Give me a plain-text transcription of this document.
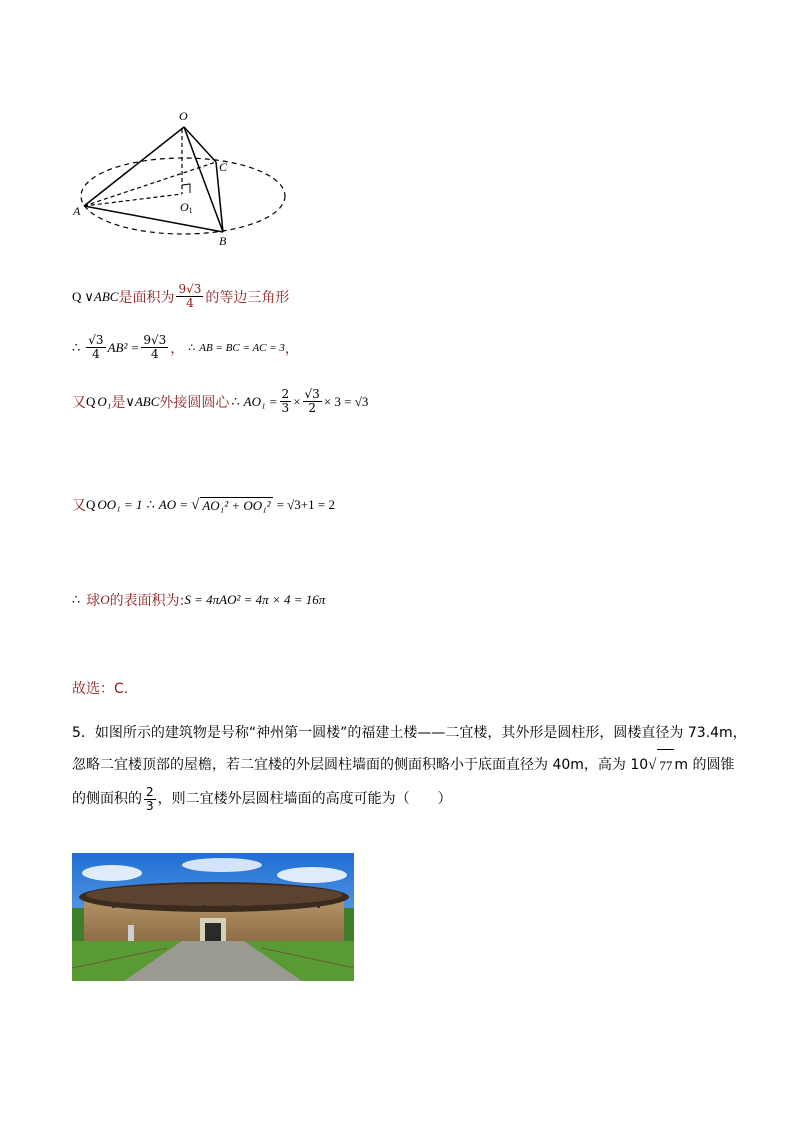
O
C
A
B
O1
Q ∨ABC 是面积为 $\frac{9√3}{4}$ 的等边三角形
∴ $\frac{√3}{4} AB^2 = \frac{9√3}{4}$ ， ∴ AB = BC = AC = 3 ，
又 Q O₁ 是 ∨ABC 外接圆圆心 ∴ $AO_1 = \frac{2}{3} \times \frac{√3}{2} \times 3 = √3$
又 Q OO₁ = 1 ∴ AO = √ AO₁² + OO₁² = √3+1 = 2
∴ 球 O 的表面积为: S = 4πAO² = 4π × 4 = 16π
故选：C.
5．如图所示的建筑物是号称“神州第一圆楼”的福建土楼——二宜楼，其外形是圆柱形，圆楼直径为 73.4m，
忽略二宜楼顶部的屋檐，若二宜楼的外层圆柱墙面的侧面积略小于底面直径为 40m，高为 10 √ 77 m 的圆锥
的侧面积的 $\frac{2}{3}$ ，则二宜楼外层圆柱墙面的高度可能为（　　）
